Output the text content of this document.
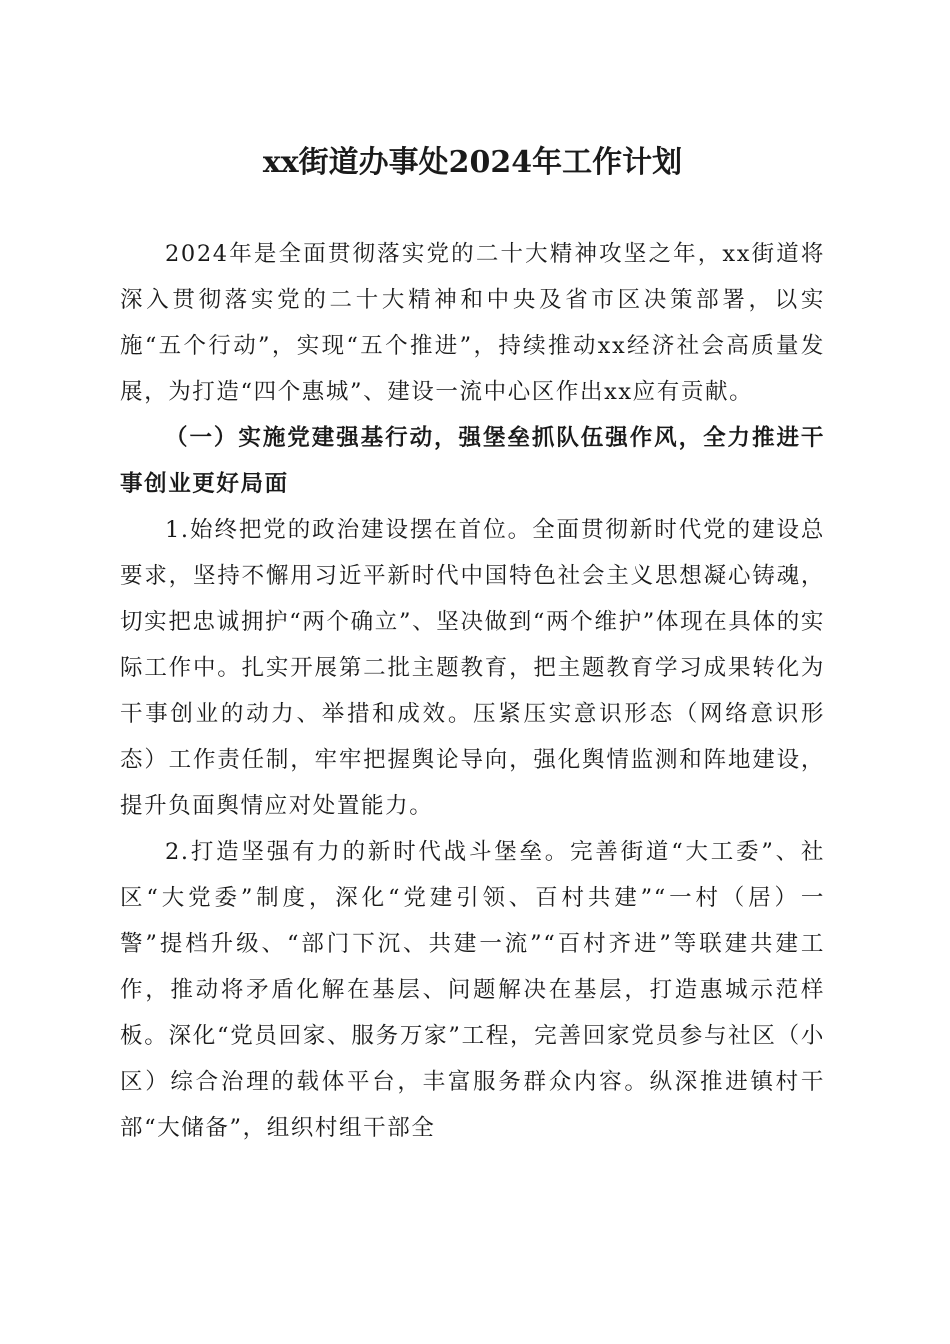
xx街道办事处2024年工作计划

2024年是全面贯彻落实党的二十大精神攻坚之年，xx街道将深入贯彻落实党的二十大精神和中央及省市区决策部署，以实施“五个行动”，实现“五个推进”，持续推动xx经济社会高质量发展，为打造“四个惠城”、建设一流中心区作出xx应有贡献。

（一）实施党建强基行动，强堡垒抓队伍强作风，全力推进干事创业更好局面

1.始终把党的政治建设摆在首位。全面贯彻新时代党的建设总要求，坚持不懈用习近平新时代中国特色社会主义思想凝心铸魂，切实把忠诚拥护“两个确立”、坚决做到“两个维护”体现在具体的实际工作中。扎实开展第二批主题教育，把主题教育学习成果转化为干事创业的动力、举措和成效。压紧压实意识形态（网络意识形态）工作责任制，牢牢把握舆论导向，强化舆情监测和阵地建设，提升负面舆情应对处置能力。

2.打造坚强有力的新时代战斗堡垒。完善街道“大工委”、社区“大党委”制度，深化“党建引领、百村共建”“一村（居）一警”提档升级、“部门下沉、共建一流”“百村齐进”等联建共建工作，推动将矛盾化解在基层、问题解决在基层，打造惠城示范样板。深化“党员回家、服务万家”工程，完善回家党员参与社区（小区）综合治理的载体平台，丰富服务群众内容。纵深推进镇村干部“大储备”，组织村组干部全
